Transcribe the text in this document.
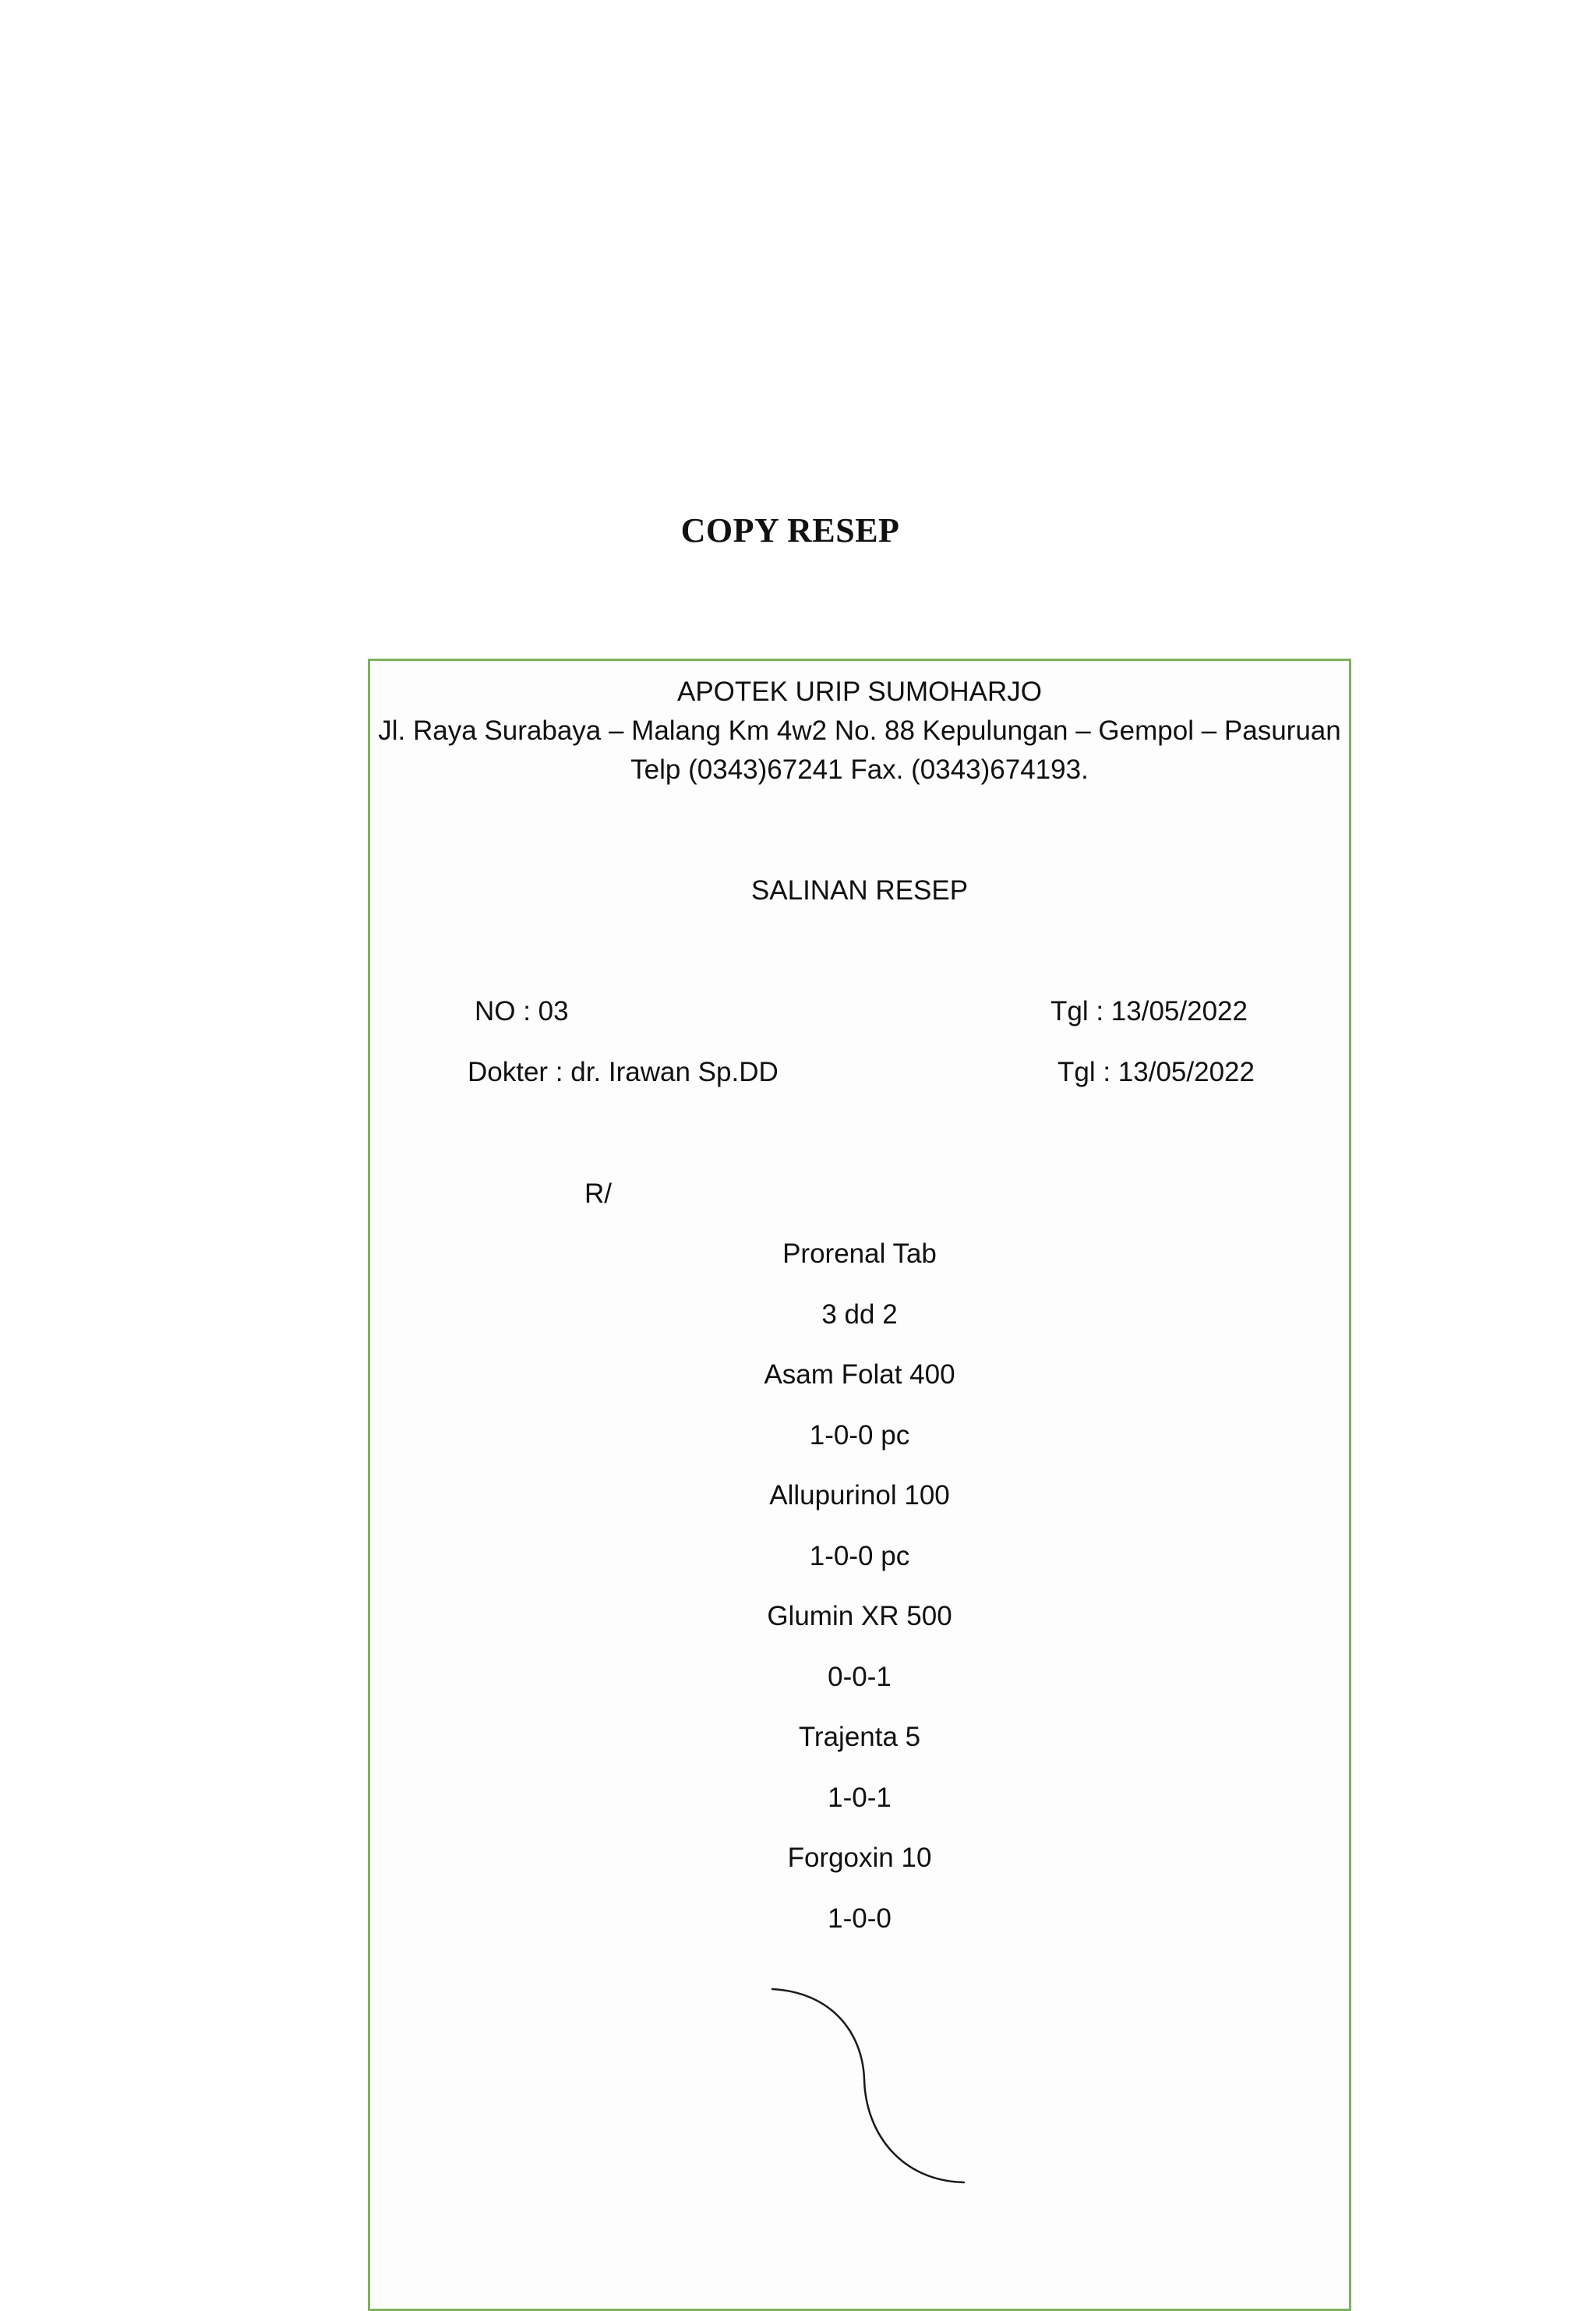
COPY RESEP
APOTEK URIP SUMOHARJO
Jl. Raya Surabaya – Malang Km 4w2 No. 88 Kepulungan – Gempol – Pasuruan
Telp (0343)67241 Fax. (0343)674193.
SALINAN RESEP
NO : 03	Tgl : 13/05/2022
Dokter : dr. Irawan Sp.DD	Tgl : 13/05/2022
R/
Prorenal Tab
3 dd 2
Asam Folat 400
1-0-0 pc
Allupurinol 100
1-0-0 pc
Glumin XR 500
0-0-1
Trajenta 5
1-0-1
Forgoxin 10
1-0-0
